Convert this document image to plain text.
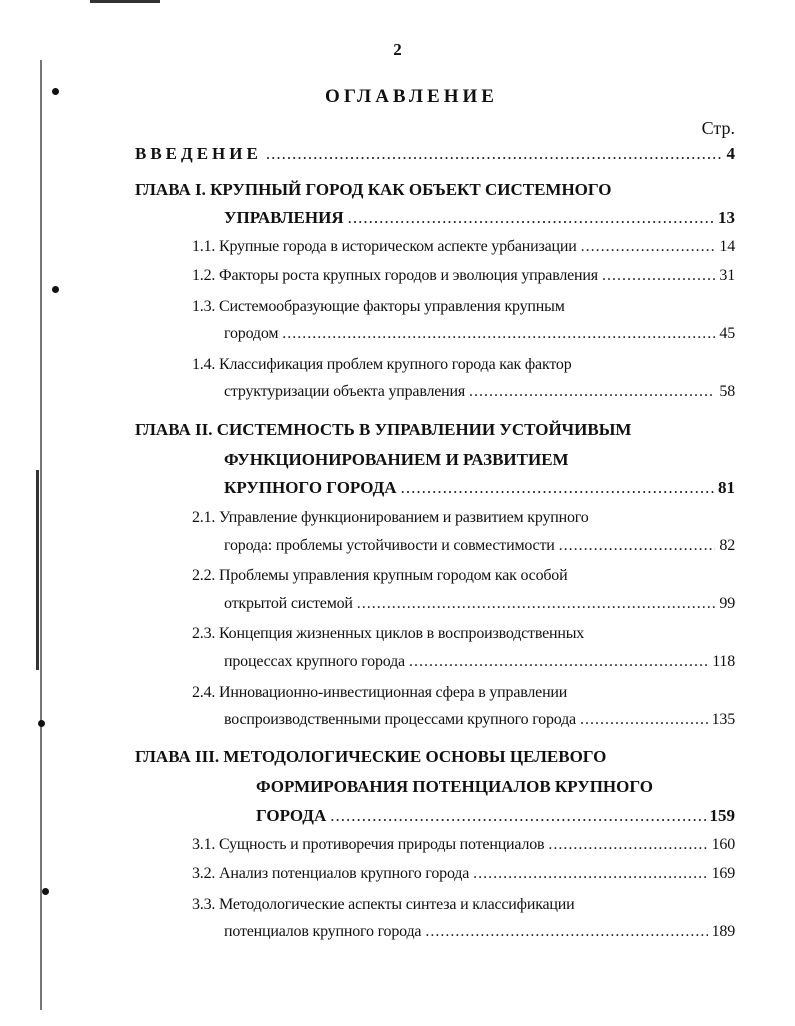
2
ОГЛАВЛЕНИЕ
Стр.
ВВЕДЕНИЕ .....	4
ГЛАВА I. КРУПНЫЙ ГОРОД КАК ОБЪЕКТ СИСТЕМНОГО
УПРАВЛЕНИЯ .....	13
1.1. Крупные города в историческом аспекте урбанизации .....	14
1.2. Факторы роста крупных городов и эволюция управления .....	31
1.3. Системообразующие факторы управления крупным
городом .....	45
1.4. Классификация проблем крупного города как фактор
структуризации объекта управления .....	58
ГЛАВА II. СИСТЕМНОСТЬ В УПРАВЛЕНИИ УСТОЙЧИВЫМ
ФУНКЦИОНИРОВАНИЕМ И РАЗВИТИЕМ
КРУПНОГО ГОРОДА .....	81
2.1. Управление функционированием и развитием крупного
города: проблемы устойчивости и совместимости .....	82
2.2. Проблемы управления крупным городом как особой
открытой системой .....	99
2.3. Концепция жизненных циклов в воспроизводственных
процессах крупного города .....	118
2.4. Инновационно-инвестиционная сфера в управлении
воспроизводственными процессами крупного города .....	135
ГЛАВА III. МЕТОДОЛОГИЧЕСКИЕ ОСНОВЫ ЦЕЛЕВОГО
ФОРМИРОВАНИЯ ПОТЕНЦИАЛОВ КРУПНОГО
ГОРОДА .....	159
3.1. Сущность и противоречия природы потенциалов .....	160
3.2. Анализ потенциалов крупного города .....	169
3.3. Методологические аспекты синтеза и классификации
потенциалов крупного города .....	189
